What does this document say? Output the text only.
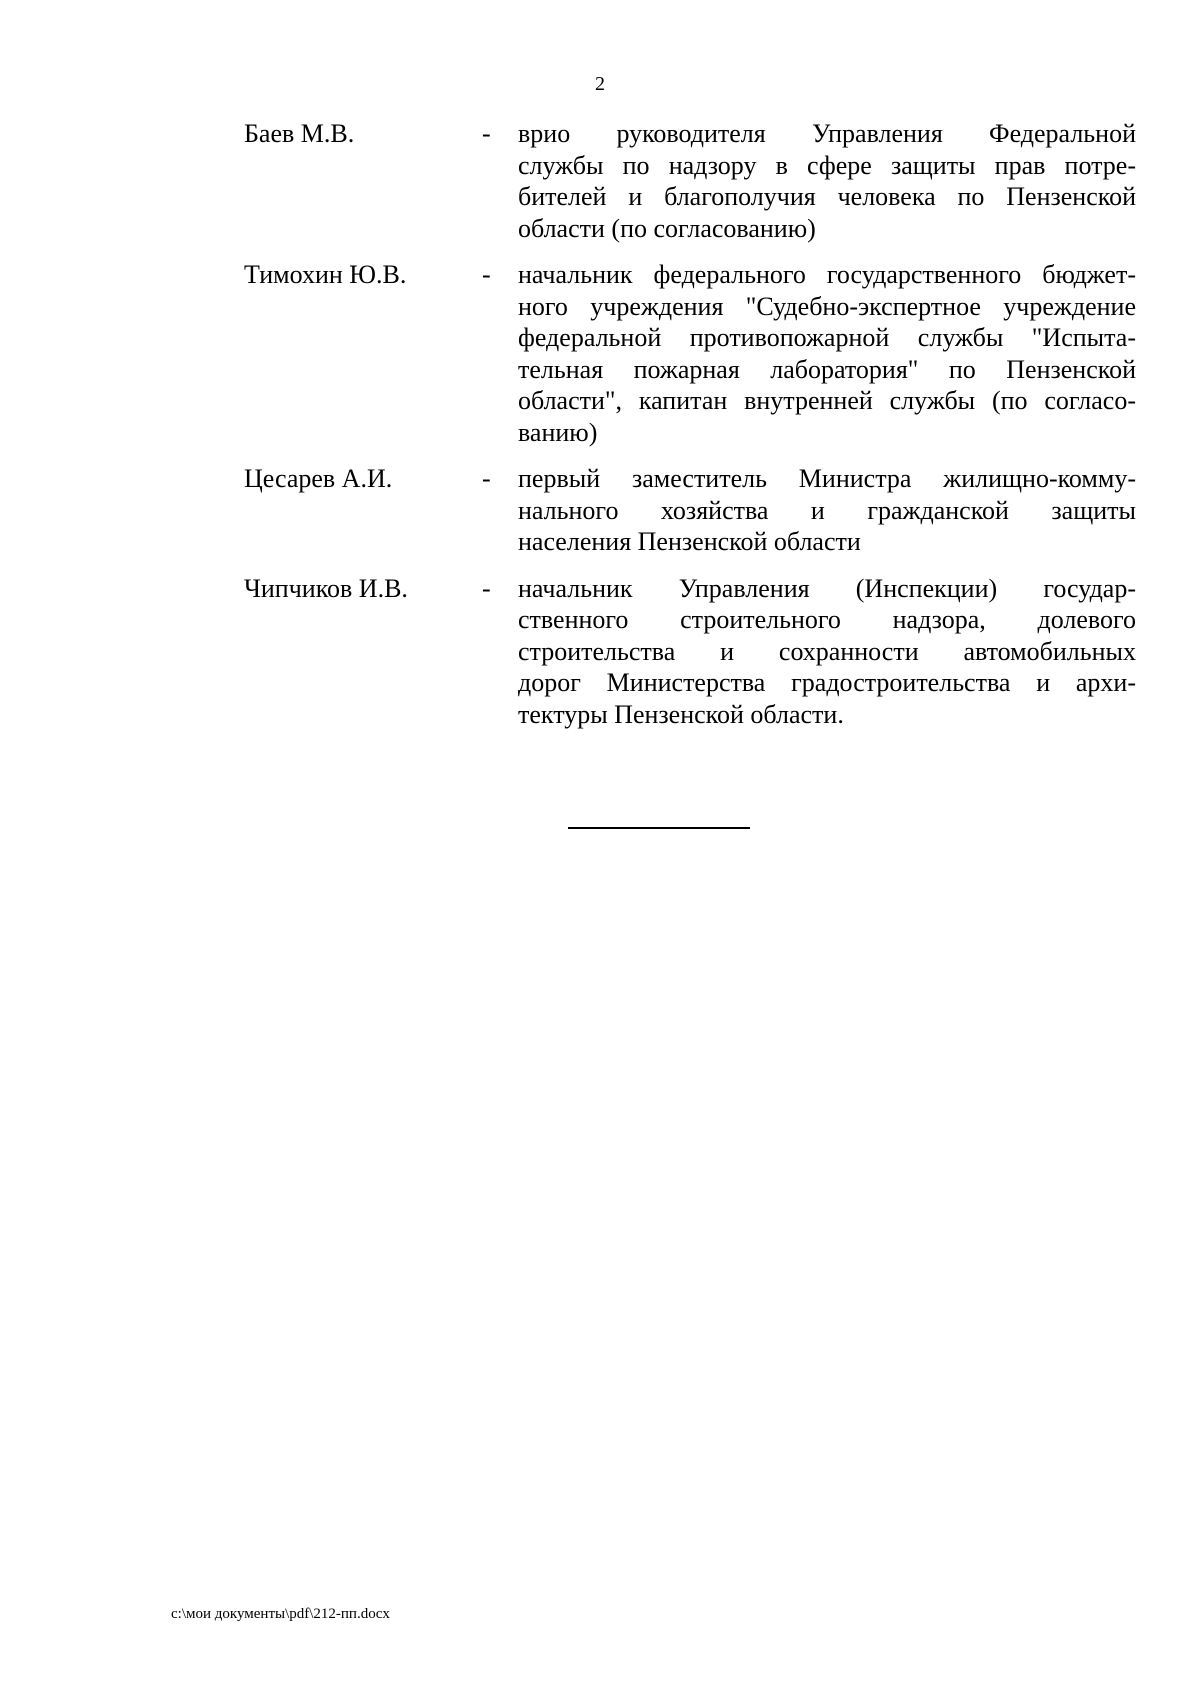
2
Баев М.В.	-	врио руководителя Управления Федеральной
службы по надзору в сфере защиты прав потре-
бителей и благополучия человека по Пензенской
области (по согласованию)
Тимохин Ю.В.	-	начальник федерального государственного бюджет-
ного учреждения "Судебно-экспертное учреждение
федеральной противопожарной службы "Испыта-
тельная пожарная лаборатория" по Пензенской
области", капитан внутренней службы (по согласо-
ванию)
Цесарев А.И.	-	первый заместитель Министра жилищно-комму-
нального хозяйства и гражданской защиты
населения Пензенской области
Чипчиков И.В.	-	начальник Управления (Инспекции) государ-
ственного строительного надзора, долевого
строительства и сохранности автомобильных
дорог Министерства градостроительства и архи-
тектуры Пензенской области.
c:\мои документы\pdf\212-пп.docx
